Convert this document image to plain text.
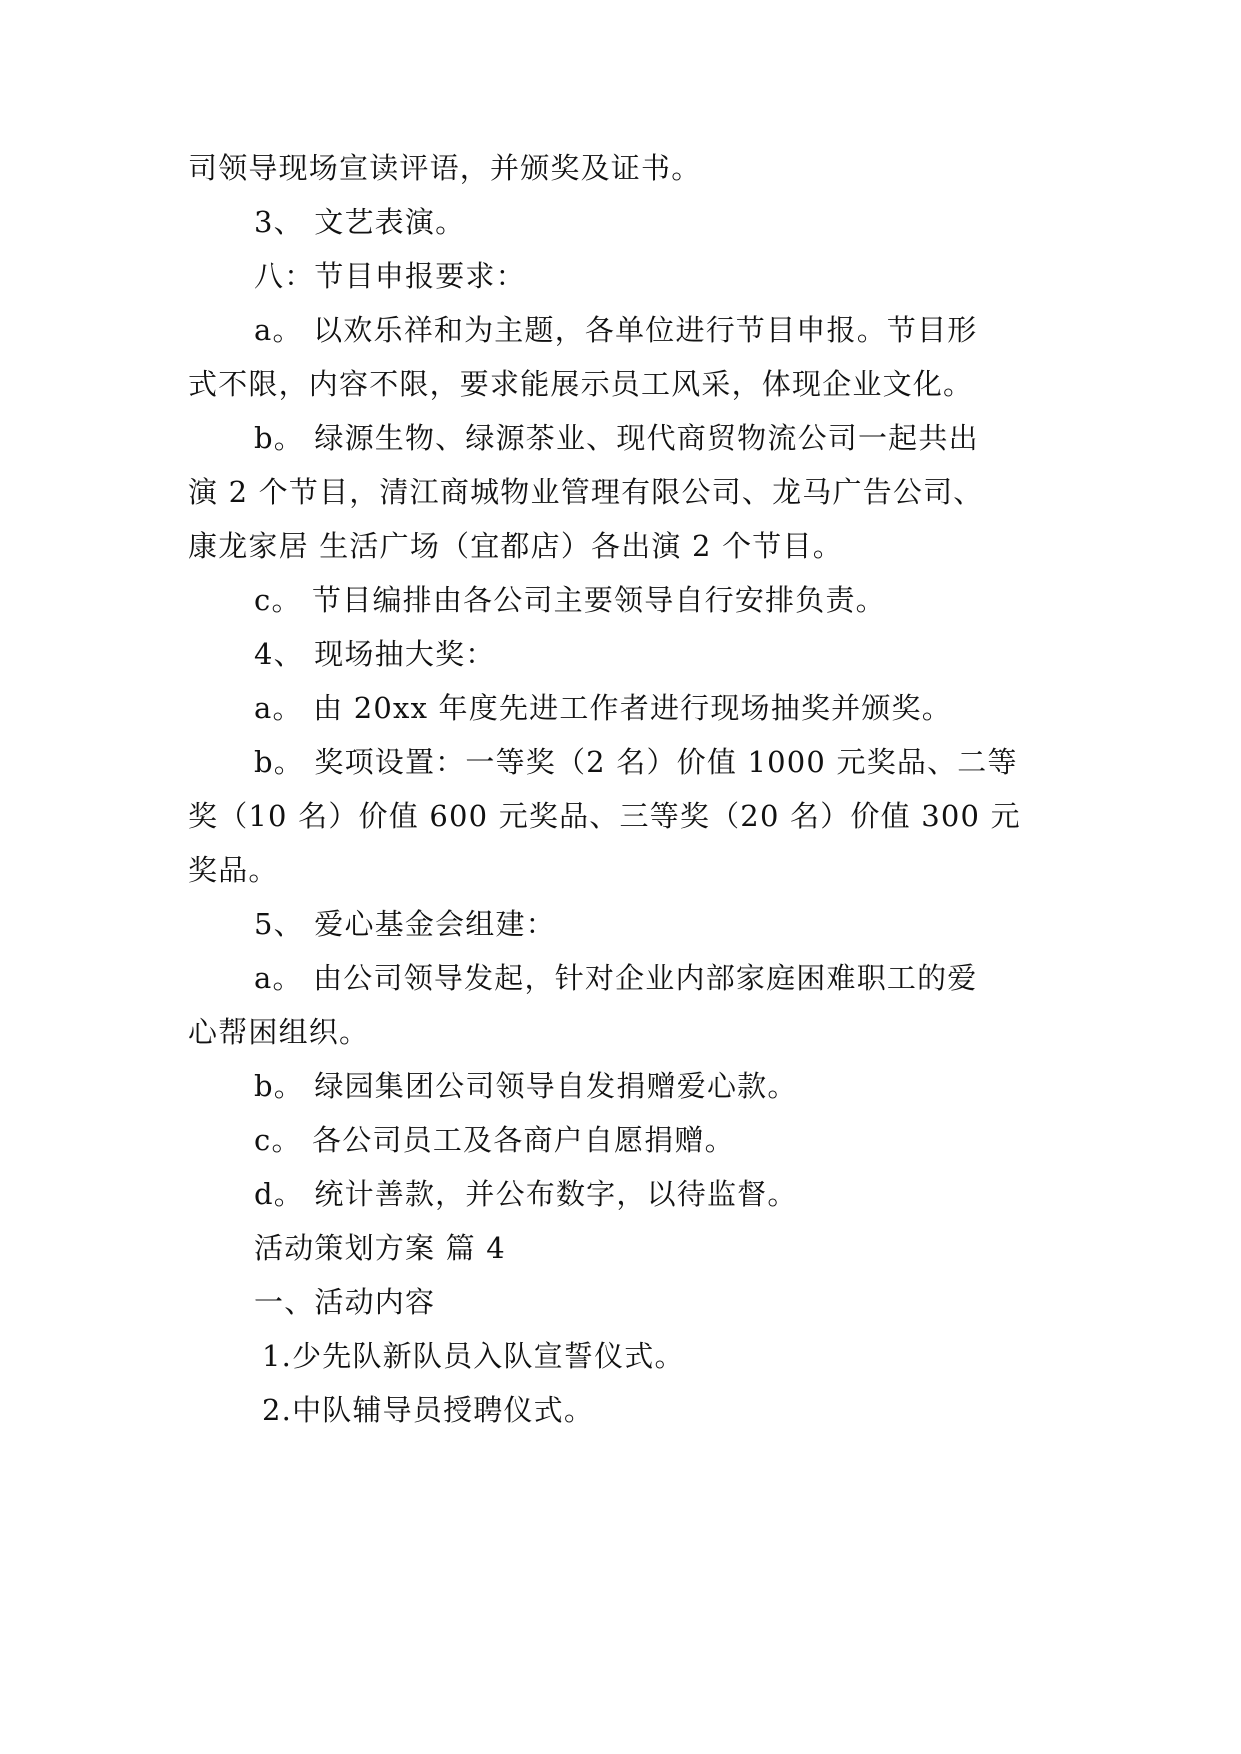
司领导现场宣读评语，并颁奖及证书。
3、 文艺表演。
八：节目申报要求：
a。 以欢乐祥和为主题，各单位进行节目申报。节目形
式不限，内容不限，要求能展示员工风采，体现企业文化。
b。 绿源生物、绿源茶业、现代商贸物流公司一起共出
演 2 个节目，清江商城物业管理有限公司、龙马广告公司、
康龙家居 生活广场（宜都店）各出演 2 个节目。
c。 节目编排由各公司主要领导自行安排负责。
4、 现场抽大奖：
a。 由 20xx 年度先进工作者进行现场抽奖并颁奖。
b。 奖项设置：一等奖（2 名）价值 1000 元奖品、二等
奖（10 名）价值 600 元奖品、三等奖（20 名）价值 300 元
奖品。
5、 爱心基金会组建：
a。 由公司领导发起，针对企业内部家庭困难职工的爱
心帮困组织。
b。 绿园集团公司领导自发捐赠爱心款。
c。 各公司员工及各商户自愿捐赠。
d。 统计善款，并公布数字，以待监督。
活动策划方案 篇 4
一、活动内容
1.少先队新队员入队宣誓仪式。
2.中队辅导员授聘仪式。
